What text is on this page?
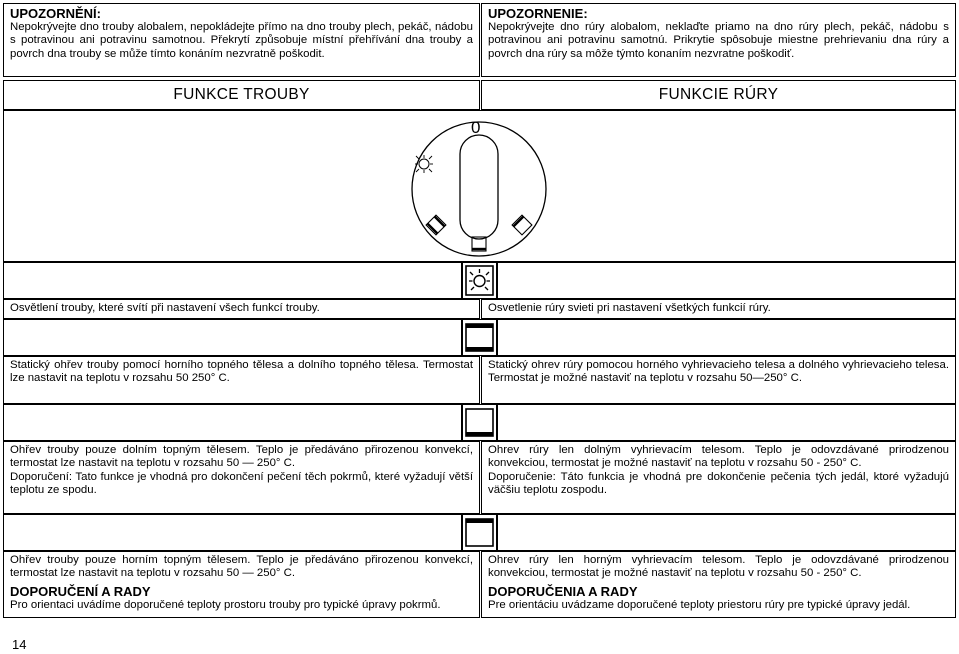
UPOZORNĚNÍ:

Nepokrývejte dno trouby alobalem, nepokládejte přímo na dno trouby plech, pekáč, nádobu s potravinou ani potravinu samotnou. Překrytí způsobuje místní přehřívání dna trouby a povrch dna trouby se může tímto konáním nezvratně poškodit.

UPOZORNENIE:

Nepokrývejte dno rúry alobalom, neklaďte priamo na dno rúry plech, pekáč, nádobu s potravinou ani potravinu samotnú. Prikrytie spôsobuje miestne prehrievaniu dna rúry a povrch dna rúry sa môže týmto konaním nezvratne poškodiť.

FUNKCE TROUBY	FUNKCIE RÚRY
0

Osvětlení trouby, které svítí při nastavení všech funkcí trouby.	Osvetlenie rúry svieti pri nastavení všetkých funkcií rúry.

Statický ohřev trouby pomocí horního topného tělesa a dolního topného tělesa. Termostat lze nastavit na teplotu v rozsahu 50 250° C.

Statický ohrev rúry pomocou horného vyhrievacieho telesa a dolného vyhrievacieho telesa. Termostat je možné nastaviť na teplotu v rozsahu 50—250° C.

Ohřev trouby pouze dolním topným tělesem. Teplo je předáváno přirozenou konvekcí, termostat lze nastavit na teplotu v rozsahu 50 — 250° C.

Doporučení: Tato funkce je vhodná pro dokončení pečení těch pokrmů, které vyžadují větší teplotu ze spodu.

Ohrev rúry len dolným vyhrievacím telesom. Teplo je odovzdávané prirodzenou konvekciou, termostat je možné nastaviť na teplotu v rozsahu 50 - 250° C.

Doporučenie: Táto funkcia je vhodná pre dokončenie pečenia tých jedál, ktoré vyžadujú väčšiu teplotu zospodu.

Ohřev trouby pouze horním topným tělesem. Teplo je předáváno přirozenou konvekcí, termostat lze nastavit na teplotu v rozsahu 50 — 250° C.

DOPORUČENÍ A RADY

Pro orientaci uvádíme doporučené teploty prostoru trouby pro typické úpravy pokrmů.

Ohrev rúry len horným vyhrievacím telesom. Teplo je odovzdávané prirodzenou konvekciou, termostat je možné nastaviť na teplotu v rozsahu 50 - 250° C.

DOPORUČENIA A RADY

Pre orientáciu uvádzame doporučené teploty priestoru rúry pre typické úpravy jedál.

14
